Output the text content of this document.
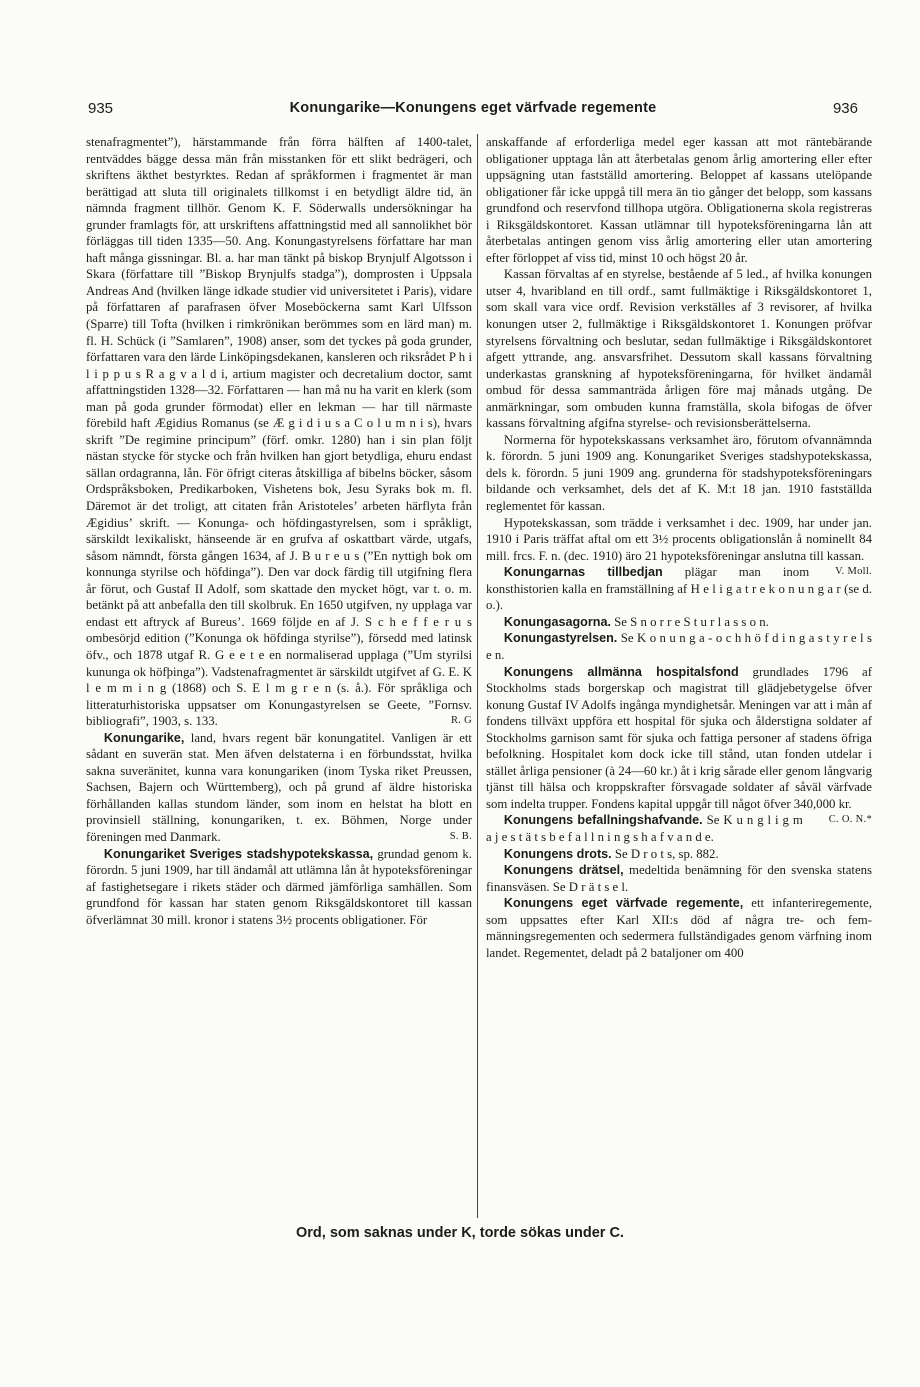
935	Konungarike—Konungens eget värfvade regemente	936

stenafragmentet”), härstammande från förra hälften af 1400-talet, rentväddes bägge dessa män från misstanken för ett slikt bedrägeri, och skriftens äkthet bestyrktes. Redan af språkformen i fragmentet är man berättigad att sluta till originalets tillkomst i en betydligt äldre tid, än nämnda fragment tillhör. Genom K. F. Söderwalls undersökningar ha grunder framlagts för, att urskriftens affattningstid med all sannolikhet bör förläggas till tiden 1335—50. Ang. Konungastyrelsens författare har man haft många gissningar. Bl. a. har man tänkt på biskop Brynjulf Algotsson i Skara (författare till ”Biskop Brynjulfs stadga”), domprosten i Uppsala Andreas And (hvilken länge idkade studier vid universitetet i Paris), vidare på författaren af parafrasen öfver Moseböckerna samt Karl Ulfsson (Sparre) till Tofta (hvilken i rimkrönikan berömmes som en lärd man) m. fl. H. Schück (i ”Samlaren”, 1908) anser, som det tyckes på goda grunder, författaren vara den lärde Linköpingsdekanen, kansleren och riksrådet P h i l i p p u s R a g v a l d i, artium magister och decretalium doctor, samt affattningstiden 1328—32. Författaren — han må nu ha varit en klerk (som man på goda grunder förmodat) eller en lekman — har till närmaste förebild haft Ægidius Romanus (se Æ g i d i u s a C o l u m n i s), hvars skrift ”De regimine principum” (förf. omkr. 1280) han i sin plan följt nästan stycke för stycke och från hvilken han gjort betydliga, ehuru endast sällan ordagranna, lån. För öfrigt citeras åtskilliga af bibelns böcker, såsom Ordspråksboken, Predikarboken, Vishetens bok, Jesu Syraks bok m. fl. Däremot är det troligt, att citaten från Aristoteles’ arbeten härflyta från Ægidius’ skrift. — Konunga- och höfdingastyrelsen, som i språkligt, särskildt lexikaliskt, hänseende är en grufva af oskattbart värde, utgafs, såsom nämndt, första gången 1634, af J. B u r e u s (”En nyttigh bok om konnunga styrilse och höfdinga”). Den var dock färdig till utgifning flera år förut, och Gustaf II Adolf, som skattade den mycket högt, var t. o. m. betänkt på att anbefalla den till skolbruk. En 1650 utgifven, ny upplaga var endast ett aftryck af Bureus’. 1669 följde en af J. S c h e f f e r u s ombesörjd edition (”Konunga ok höfdinga styrilse”), försedd med latinsk öfv., och 1878 utgaf R. G e e t e en normaliserad upplaga (”Um styrilsi kununga ok höfþinga”). Vadstenafragmentet är särskildt utgifvet af G. E. K l e m m i n g (1868) och S. E l m g r e n (s. å.). För språkliga och litteraturhistoriska uppsatser om Konungastyrelsen se Geete, ”Fornsv. bibliografi”, 1903, s. 133.	R. G

Konungarike, land, hvars regent bär konungatitel. Vanligen är ett sådant en suverän stat. Men äfven delstaterna i en förbundsstat, hvilka sakna suveränitet, kunna vara konungariken (inom Tyska riket Preussen, Sachsen, Bajern och Württemberg), och på grund af äldre historiska förhållanden kallas stundom länder, som inom en helstat ha blott en provinsiell ställning, konungariken, t. ex. Böhmen, Norge under föreningen med Danmark.	S. B.

Konungariket Sveriges stadshypotekskassa, grundad genom k. förordn. 5 juni 1909, har till ändamål att utlämna lån åt hypoteksföreningar af fastighetsegare i rikets städer och därmed jämförliga samhällen. Som grundfond för kassan har staten genom Riksgäldskontoret till kassan öfverlämnat 30 mill. kronor i statens 3½ procents obligationer. För

anskaffande af erforderliga medel eger kassan att mot räntebärande obligationer upptaga lån att återbetalas genom årlig amortering eller efter uppsägning utan fastställd amortering. Beloppet af kassans utelöpande obligationer får icke uppgå till mera än tio gånger det belopp, som kassans grundfond och reservfond tillhopa utgöra. Obligationerna skola registreras i Riksgäldskontoret. Kassan utlämnar till hypoteksföreningarna lån att återbetalas antingen genom viss årlig amortering eller utan amortering efter förloppet af viss tid, minst 10 och högst 20 år.

Kassan förvaltas af en styrelse, bestående af 5 led., af hvilka konungen utser 4, hvaribland en till ordf., samt fullmäktige i Riksgäldskontoret 1, som skall vara vice ordf. Revision verkställes af 3 revisorer, af hvilka konungen utser 2, fullmäktige i Riksgäldskontoret 1. Konungen pröfvar styrelsens förvaltning och beslutar, sedan fullmäktige i Riksgäldskontoret afgett yttrande, ang. ansvarsfrihet. Dessutom skall kassans förvaltning underkastas granskning af hypoteksföreningarna, för hvilket ändamål ombud för dessa sammanträda årligen före maj månads utgång. De anmärkningar, som ombuden kunna framställa, skola bifogas de öfver kassans förvaltning afgifna styrelse- och revisionsberättelserna.

Normerna för hypotekskassans verksamhet äro, förutom ofvannämnda k. förordn. 5 juni 1909 ang. Konungariket Sveriges stadshypotekskassa, dels k. förordn. 5 juni 1909 ang. grunderna för stadshypoteksföreningars bildande och verksamhet, dels det af K. M:t 18 jan. 1910 fastställda reglementet för kassan.

Hypotekskassan, som trädde i verksamhet i dec. 1909, har under jan. 1910 i Paris träffat aftal om ett 3½ procents obligationslån å nominellt 84 mill. frcs. F. n. (dec. 1910) äro 21 hypoteksföreningar anslutna till kassan.
V. Moll.

Konungarnas tillbedjan plägar man inom konsthistorien kalla en framställning af H e l i g a t r e k o n u n g a r (se d. o.).

Konungasagorna. Se S n o r r e S t u r l a s s o n.

Konungastyrelsen. Se K o n u n g a - o c h h ö f d i n g a s t y r e l s e n.

Konungens allmänna hospitalsfond grundlades 1796 af Stockholms stads borgerskap och magistrat till glädjebetygelse öfver konung Gustaf IV Adolfs ingånga myndighetsår. Meningen var att i mån af fondens tillväxt uppföra ett hospital för sjuka och ålderstigna soldater af Stockholms garnison samt för sjuka och fattiga personer af stadens öfriga befolkning. Hospitalet kom dock icke till stånd, utan fonden utdelar i stället årliga pensioner (à 24—60 kr.) åt i krig sårade eller genom långvarig tjänst till hälsa och kroppskrafter försvagade soldater af såväl värfvade som indelta trupper. Fondens kapital uppgår till något öfver 340,000 kr.
C. O. N.*

Konungens befallningshafvande. Se K u n g l i g m a j e s t ä t s b e f a l l n i n g s h a f v a n d e.

Konungens drots. Se D r o t s, sp. 882.

Konungens drätsel, medeltida benämning för den svenska statens finansväsen. Se D r ä t s e l.

Konungens eget värfvade regemente, ett infanteriregemente, som uppsattes efter Karl XII:s död af några tre- och fem-männingsregementen och sedermera fullständigades genom värfning inom landet. Regementet, deladt på 2 bataljoner om 400

Ord, som saknas under K, torde sökas under C.
